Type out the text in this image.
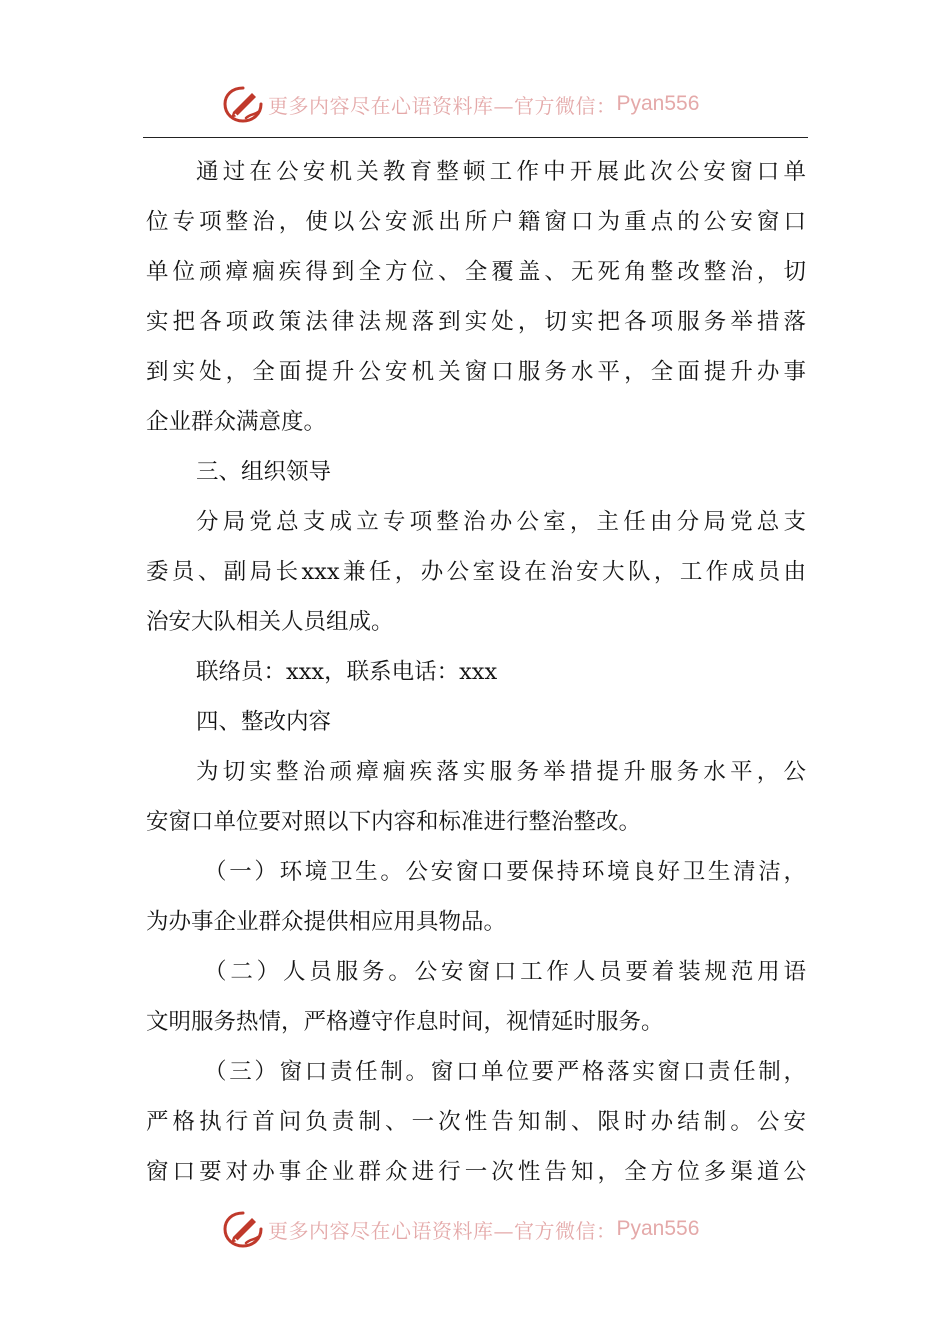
更多内容尽在心语资料库—官方微信： Pyan556
通过在公安机关教育整顿工作中开展此次公安窗口单
位专项整治，使以公安派出所户籍窗口为重点的公安窗口
单位顽瘴痼疾得到全方位、全覆盖、无死角整改整治，切
实把各项政策法律法规落到实处，切实把各项服务举措落
到实处，全面提升公安机关窗口服务水平，全面提升办事
企业群众满意度。
三、组织领导
分局党总支成立专项整治办公室，主任由分局党总支
委员、副局长xxx兼任，办公室设在治安大队，工作成员由
治安大队相关人员组成。
联络员：xxx，联系电话：xxx
四、整改内容
为切实整治顽瘴痼疾落实服务举措提升服务水平，公
安窗口单位要对照以下内容和标准进行整治整改。
（一）环境卫生。公安窗口要保持环境良好卫生清洁，
为办事企业群众提供相应用具物品。
（二）人员服务。公安窗口工作人员要着装规范用语
文明服务热情，严格遵守作息时间，视情延时服务。
（三）窗口责任制。窗口单位要严格落实窗口责任制，
严格执行首问负责制、一次性告知制、限时办结制。公安
窗口要对办事企业群众进行一次性告知，全方位多渠道公
更多内容尽在心语资料库—官方微信： Pyan556
